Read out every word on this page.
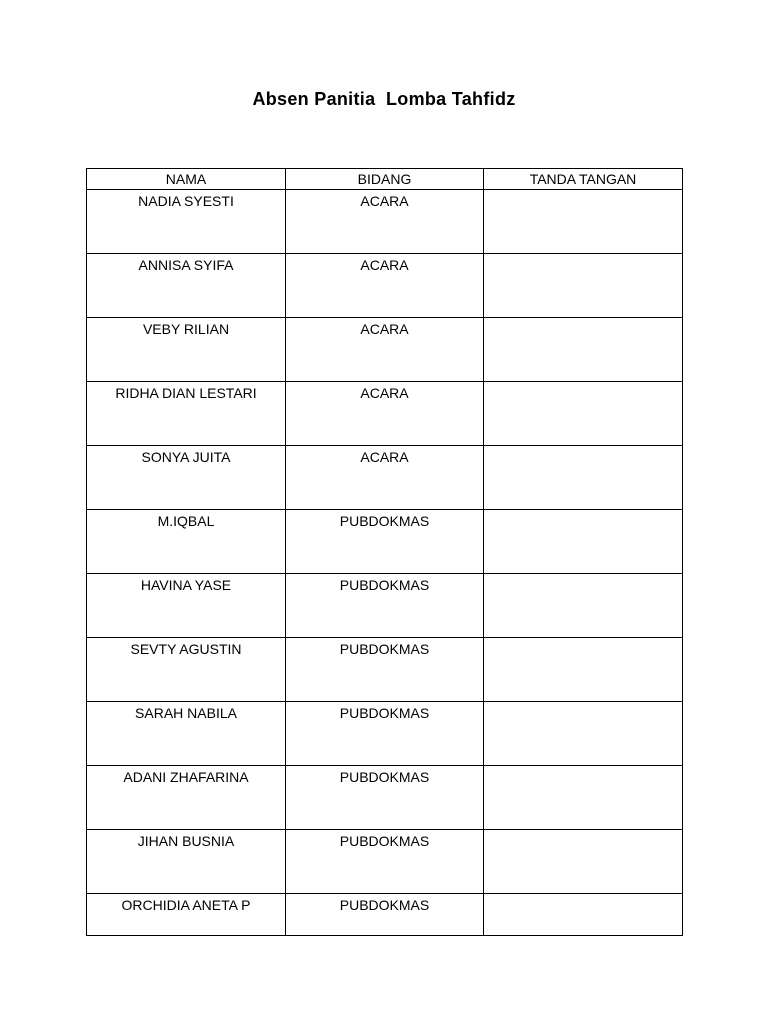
Absen Panitia  Lomba Tahfidz
NAMA	BIDANG	TANDA TANGAN
NADIA SYESTI	ACARA	
ANNISA SYIFA	ACARA	
VEBY RILIAN	ACARA	
RIDHA DIAN LESTARI	ACARA	
SONYA JUITA	ACARA	
M.IQBAL	PUBDOKMAS	
HAVINA YASE	PUBDOKMAS	
SEVTY AGUSTIN	PUBDOKMAS	
SARAH NABILA	PUBDOKMAS	
ADANI ZHAFARINA	PUBDOKMAS	
JIHAN BUSNIA	PUBDOKMAS	
ORCHIDIA ANETA P	PUBDOKMAS	
